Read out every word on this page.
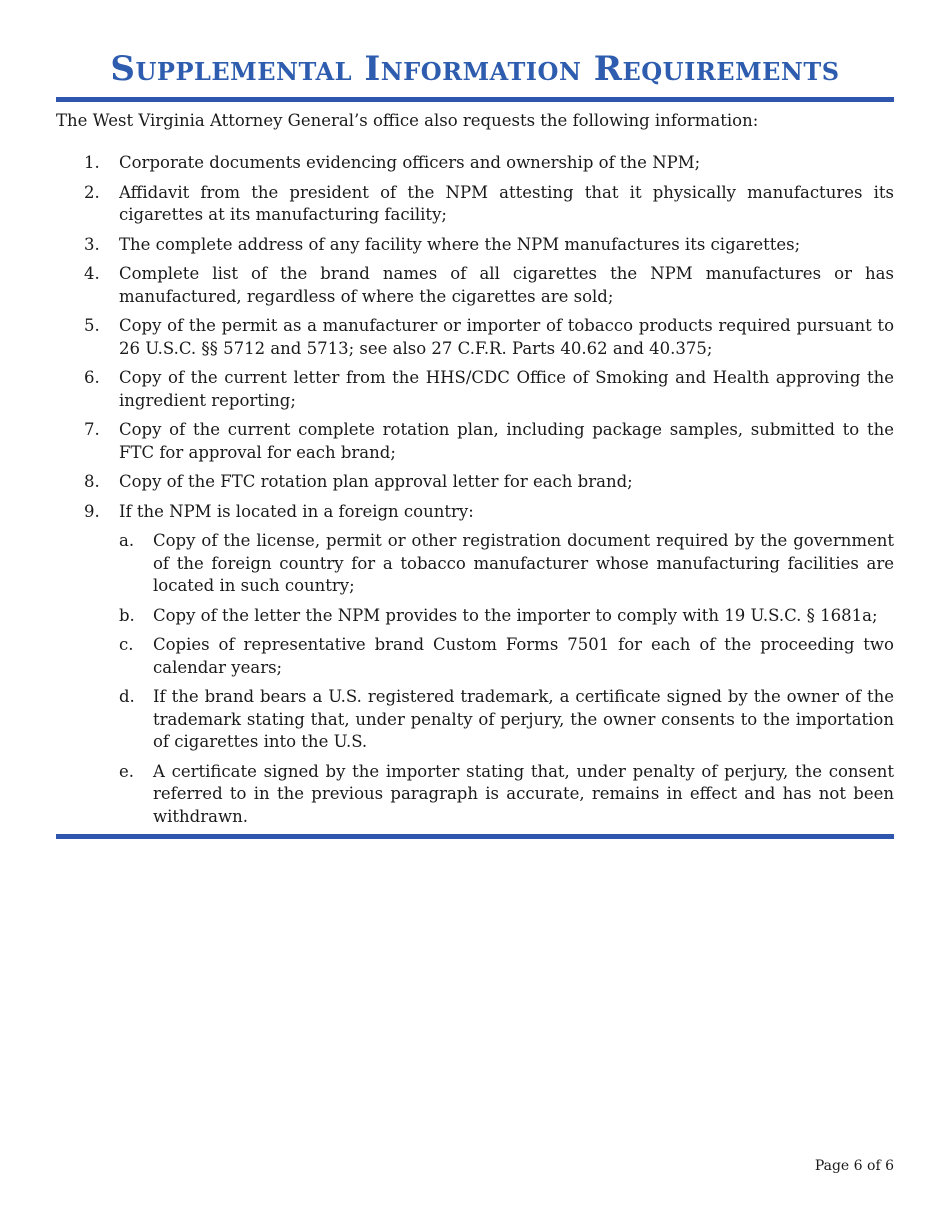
Supplemental Information Requirements

The West Virginia Attorney General’s office also requests the following information:

1.	Corporate documents evidencing officers and ownership of the NPM;
2.	Affidavit from the president of the NPM attesting that it physically manufactures its cigarettes at its manufacturing facility;
3.	The complete address of any facility where the NPM manufactures its cigarettes;
4.	Complete list of the brand names of all cigarettes the NPM manufactures or has manufactured, regardless of where the cigarettes are sold;
5.	Copy of the permit as a manufacturer or importer of tobacco products required pursuant to 26 U.S.C. §§ 5712 and 5713; see also 27 C.F.R. Parts 40.62 and 40.375;
6.	Copy of the current letter from the HHS/CDC Office of Smoking and Health approving the ingredient reporting;
7.	Copy of the current complete rotation plan, including package samples, submitted to the FTC for approval for each brand;
8.	Copy of the FTC rotation plan approval letter for each brand;
9.	If the NPM is located in a foreign country:
a.	Copy of the license, permit or other registration document required by the government of the foreign country for a tobacco manufacturer whose manufacturing facilities are located in such country;
b.	Copy of the letter the NPM provides to the importer to comply with 19 U.S.C. § 1681a;
c.	Copies of representative brand Custom Forms 7501 for each of the proceeding two calendar years;
d.	If the brand bears a U.S. registered trademark, a certificate signed by the owner of the trademark stating that, under penalty of perjury, the owner consents to the importation of cigarettes into the U.S.
e.	A certificate signed by the importer stating that, under penalty of perjury, the consent referred to in the previous paragraph is accurate, remains in effect and has not been withdrawn.
Page 6 of 6
